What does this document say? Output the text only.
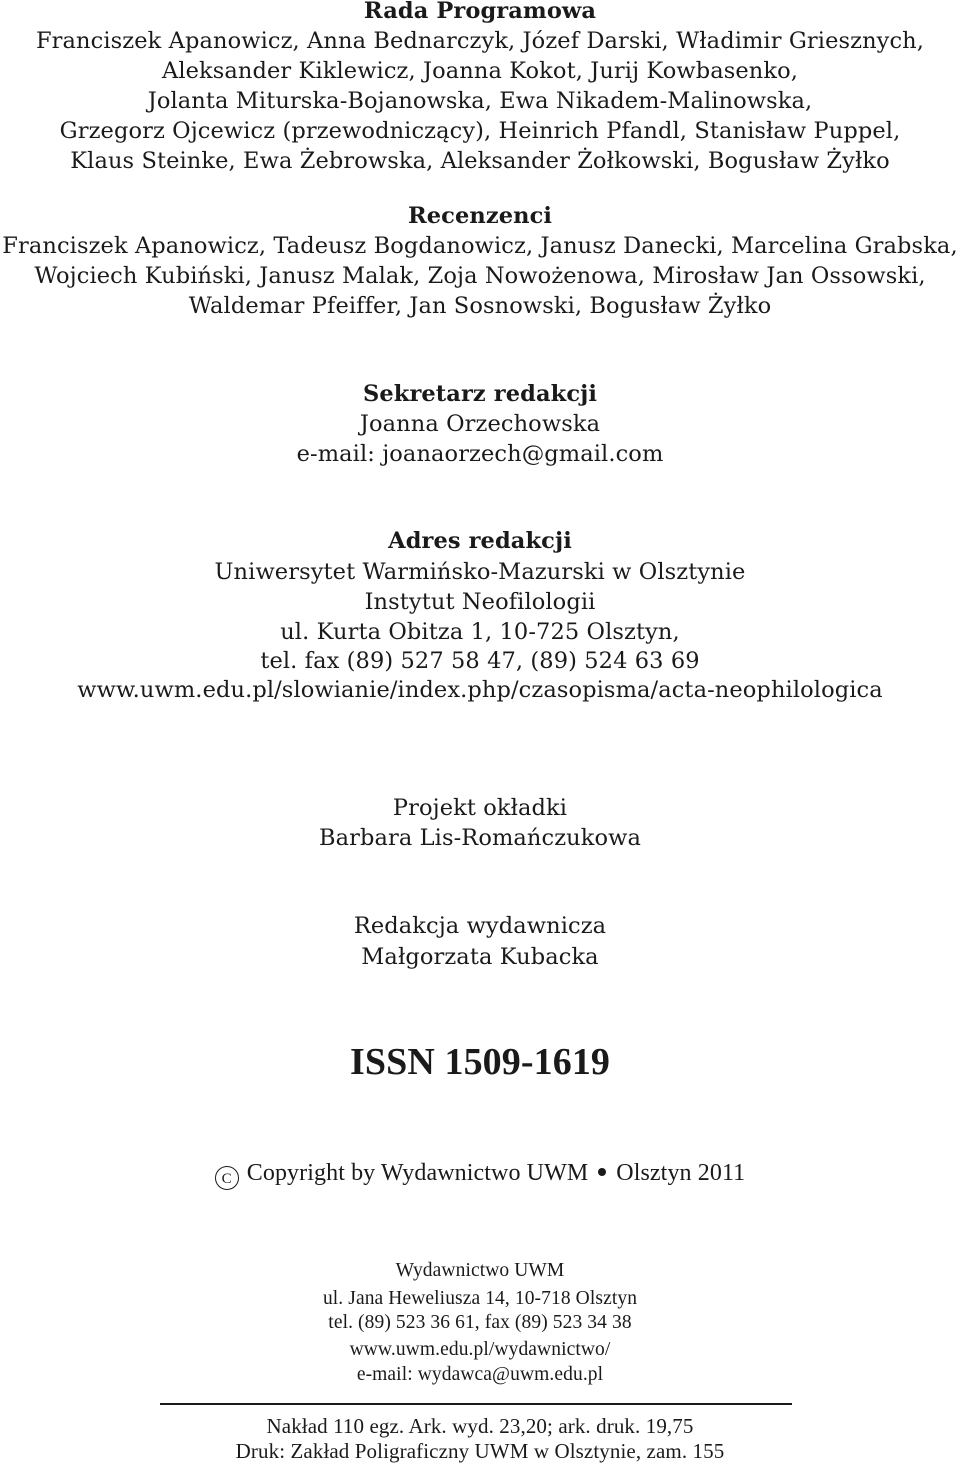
Rada Programowa
Franciszek Apanowicz, Anna Bednarczyk, Józef Darski, Władimir Griesznych,
Aleksander Kiklewicz, Joanna Kokot, Jurij Kowbasenko,
Jolanta Miturska-Bojanowska, Ewa Nikadem-Malinowska,
Grzegorz Ojcewicz (przewodniczący), Heinrich Pfandl, Stanisław Puppel,
Klaus Steinke, Ewa Żebrowska, Aleksander Żołkowski, Bogusław Żyłko
Recenzenci
Franciszek Apanowicz, Tadeusz Bogdanowicz, Janusz Danecki, Marcelina Grabska,
Wojciech Kubiński, Janusz Malak, Zoja Nowożenowa, Mirosław Jan Ossowski,
Waldemar Pfeiffer, Jan Sosnowski, Bogusław Żyłko
Sekretarz redakcji
Joanna Orzechowska
e-mail: joanaorzech@gmail.com
Adres redakcji
Uniwersytet Warmińsko-Mazurski w Olsztynie
Instytut Neofilologii
ul. Kurta Obitza 1, 10-725 Olsztyn,
tel. fax (89) 527 58 47, (89) 524 63 69
www.uwm.edu.pl/slowianie/index.php/czasopisma/acta-neophilologica
Projekt okładki
Barbara Lis-Romańczukowa
Redakcja wydawnicza
Małgorzata Kubacka
ISSN 1509-1619
C Copyright by Wydawnictwo UWM Olsztyn 2011
Wydawnictwo UWM
ul. Jana Heweliusza 14, 10-718 Olsztyn
tel. (89) 523 36 61, fax (89) 523 34 38
www.uwm.edu.pl/wydawnictwo/
e-mail: wydawca@uwm.edu.pl
Nakład 110 egz. Ark. wyd. 23,20; ark. druk. 19,75
Druk: Zakład Poligraficzny UWM w Olsztynie, zam. 155
